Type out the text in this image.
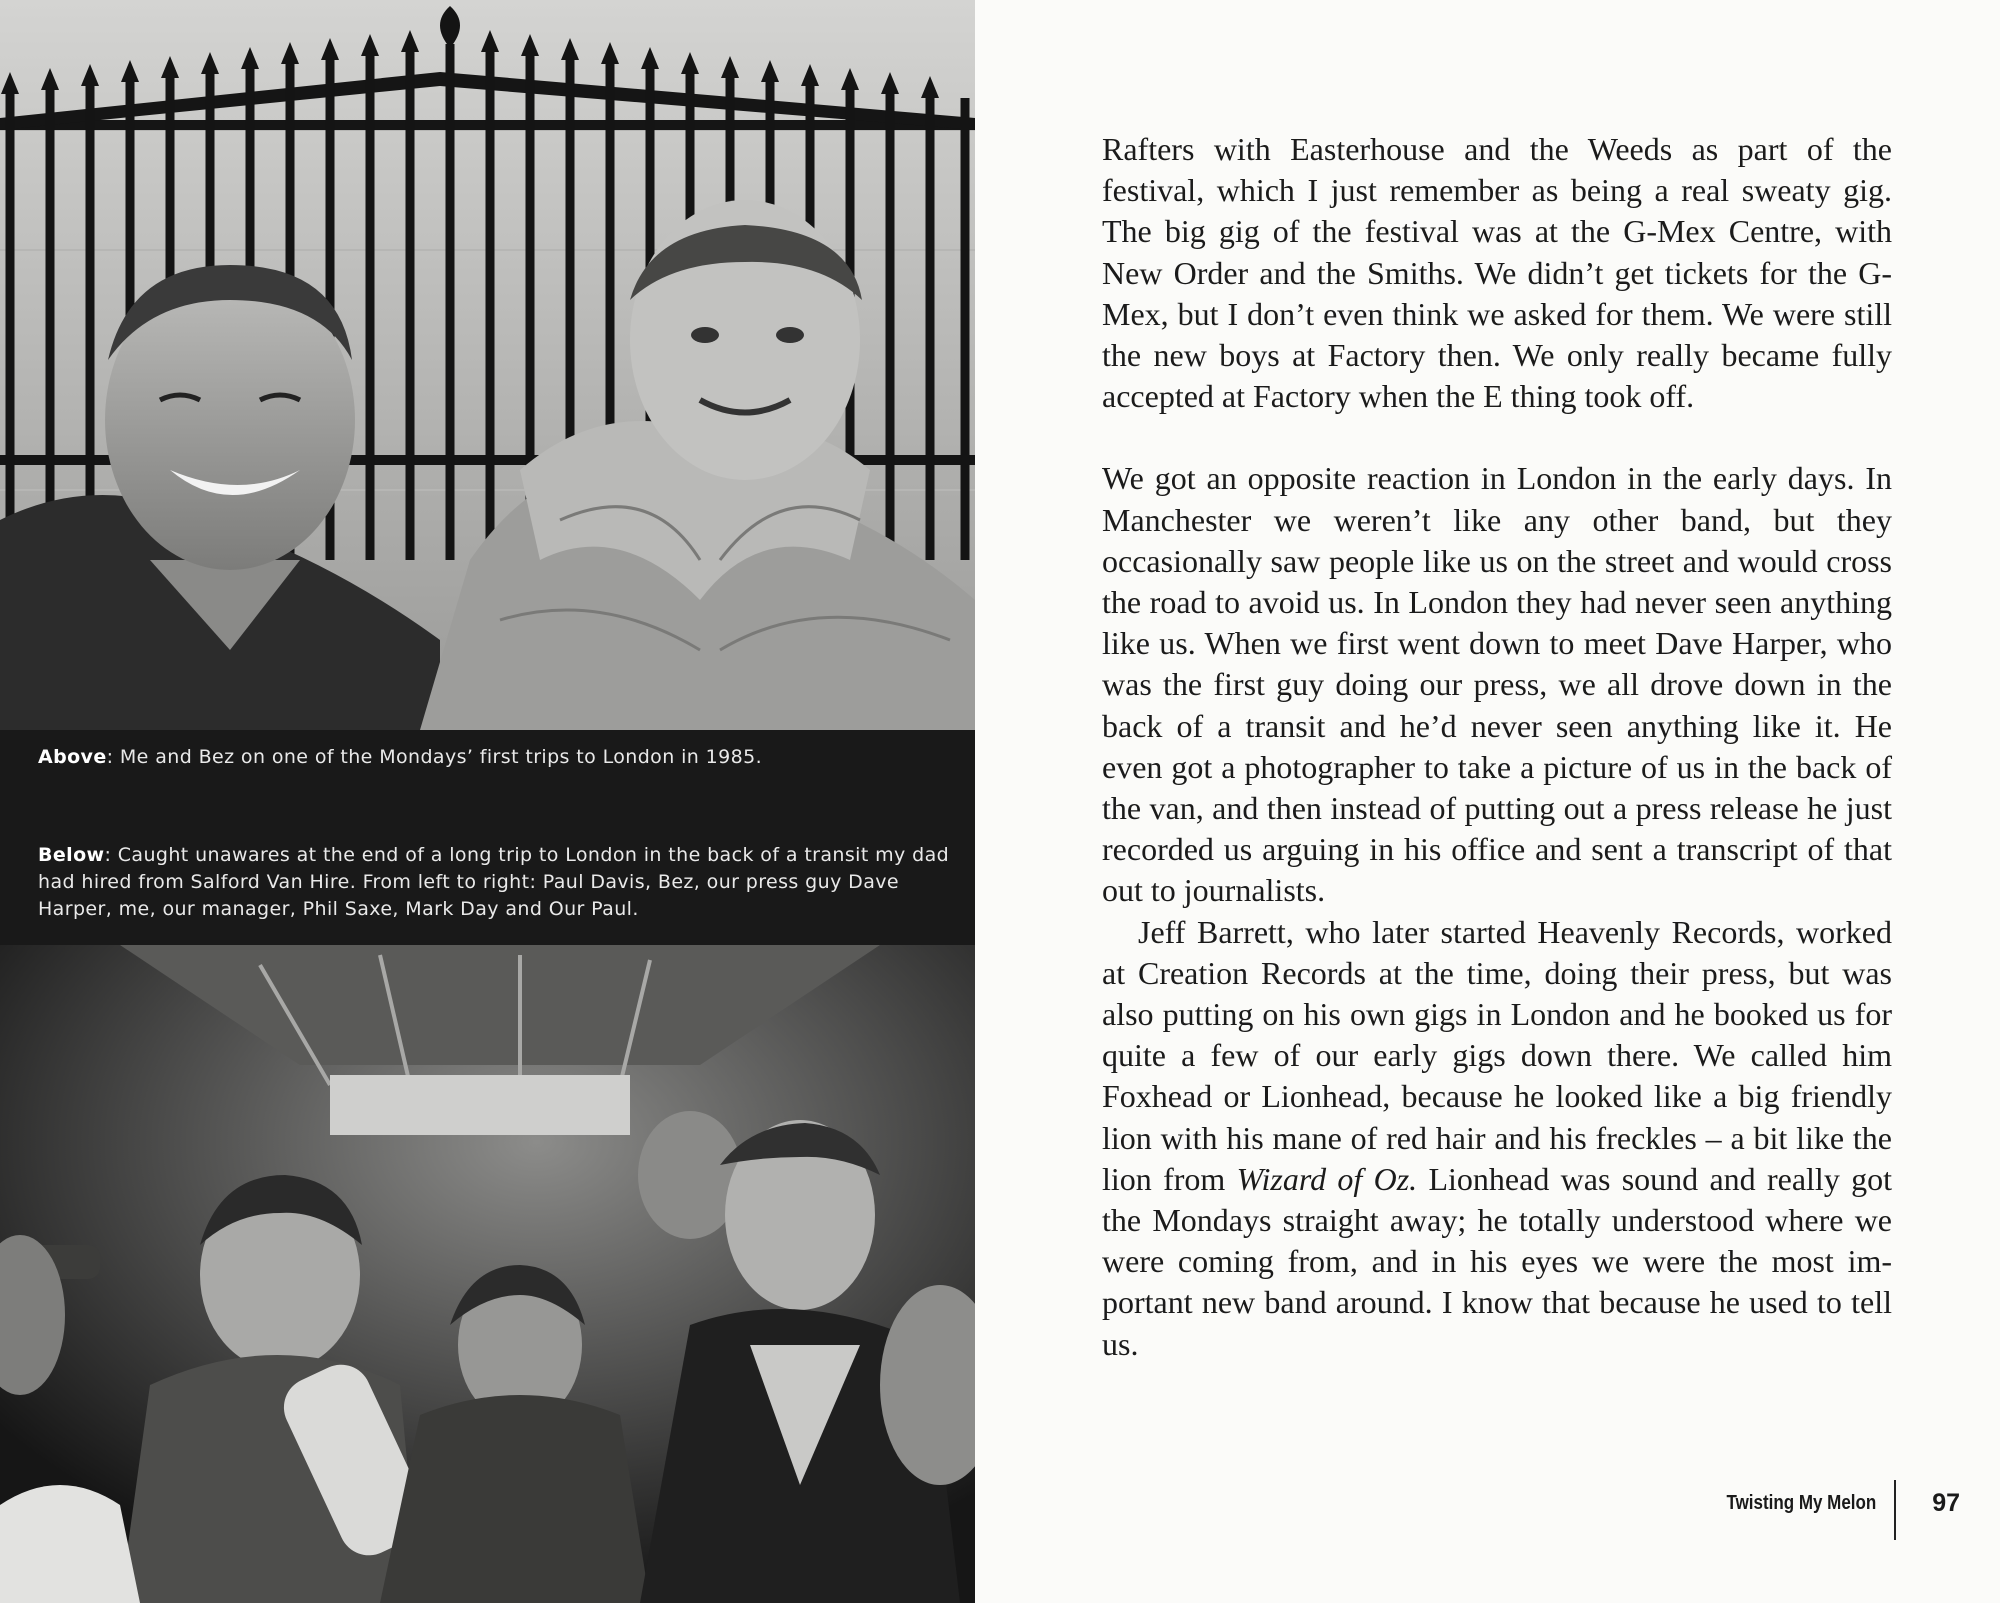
Above: Me and Bez on one of the Mondays’ first trips to London in 1985.

Below: Caught unawares at the end of a long trip to London in the back of a transit my dad had hired from Salford Van Hire. From left to right: Paul Davis, Bez, our press guy Dave Harper, me, our manager, Phil Saxe, Mark Day and Our Paul.

Rafters with Easterhouse and the Weeds as part of the festival, which I just remember as being a real sweaty gig. The big gig of the festival was at the G-Mex Centre, with New Order and the Smiths. We didn’t get tickets for the G-Mex, but I don’t even think we asked for them. We were still the new boys at Factory then. We only really became fully accepted at Factory when the E thing took off.

We got an opposite reaction in London in the early days. In Manchester we weren’t like any other band, but they occasionally saw people like us on the street and would cross the road to avoid us. In London they had never seen anything like us. When we first went down to meet Dave Harper, who was the first guy doing our press, we all drove down in the back of a transit and he’d never seen anything like it. He even got a photographer to take a picture of us in the back of the van, and then instead of putting out a press release he just recorded us arguing in his office and sent a transcript of that out to journalists.

Jeff Barrett, who later started Heavenly Records, worked at Creation Records at the time, doing their press, but was also putting on his own gigs in London and he booked us for quite a few of our early gigs down there. We called him Foxhead or Lionhead, because he looked like a big friendly lion with his mane of red hair and his freckles – a bit like the lion from Wizard of Oz. Lionhead was sound and really got the Mondays straight away; he totally understood where we were coming from, and in his eyes we were the most important new band around. I know that because he used to tell us.

Twisting My Melon 97
